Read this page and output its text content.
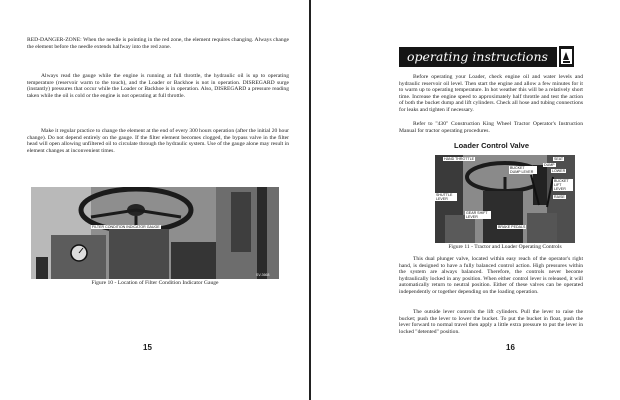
RED-DANGER-ZONE: When the needle is pointing in the red zone, the element requires changing. Always change the element before the needle extends halfway into the red zone.

Always read the gauge while the engine is running at full throttle, the hydraulic oil is up to operating temperature (reservoir warm to the touch), and the Loader or Backhoe is not in operation. DISREGARD surge (instantly) pressures that occur while the Loader or Backhoe is in operation. Also, DISREGARD a pressure reading taken while the oil is cold or the engine is not operating at full throttle.

Make it regular practice to change the element at the end of every 300 hours operation (after the initial 20 hour change). Do not depend entirely on the gauge. If the filter element becomes clogged, the bypass valve in the filter head will open allowing unfiltered oil to circulate through the hydraulic system. Use of the gauge alone may result in element changes at inconvenient times.

FILTER CONDITION INDICATOR GAUGE
SV-3668
Figure 10 - Location of Filter Condition Indicator Gauge
15
operating instructions

Before operating your Loader, check engine oil and water levels and hydraulic reservoir oil level. Then start the engine and allow a few minutes for it to warm up to operating temperature. In hot weather this will be a relatively short time. Increase the engine speed to approximately half throttle and test the action of both the bucket dump and lift cylinders. Check all hose and tubing connections for leaks and tighten if necessary.

Refer to "430" Construction King Wheel Tractor Operator's Instruction Manual for tractor operating procedures.

Loader Control Valve
HAND THROTTLE	SEAT
BUCKET DUMP LEVER
DUMP
LOWER
BUCKET LIFT LEVER
SHUTTLE LEVER	RAISE
GEAR SHIFT LEVER
BRAKE PEDALS
Figure 11 - Tractor and Loader Operating Controls

This dual plunger valve, located within easy reach of the operator's right hand, is designed to have a fully balanced control action. High pressures within the system are always balanced. Therefore, the controls never become hydraulically locked in any position. When either control lever is released, it will automatically return to neutral position. Either of these valves can be operated independently or together depending on the loading operation.

The outside lever controls the lift cylinders. Pull the lever to raise the bucket; push the lever to lower the bucket. To put the bucket in float, push the lever forward to normal travel then apply a little extra pressure to put the lever in locked "detented" position.

16
